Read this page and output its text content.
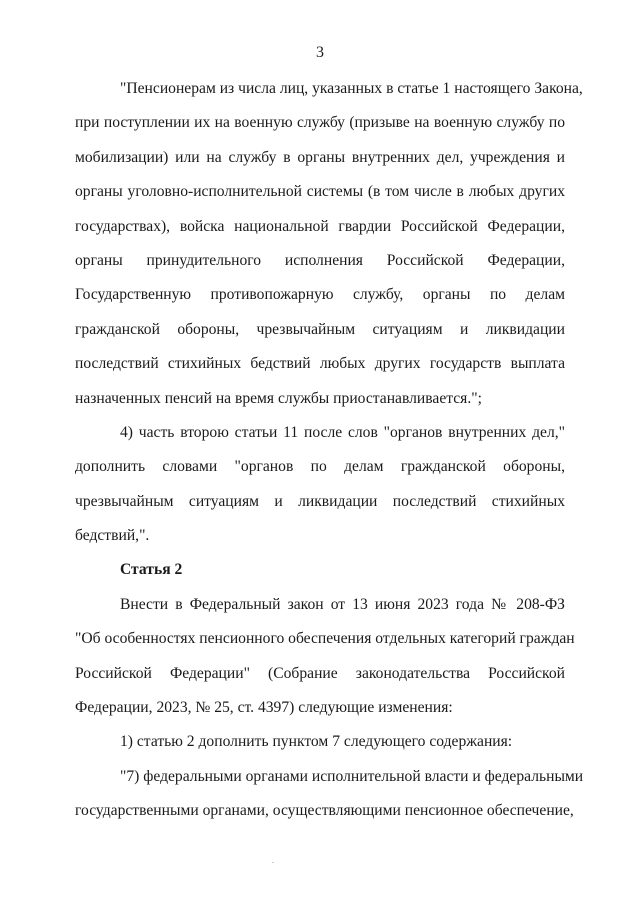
3
"Пенсионерам из числа лиц, указанных в статье 1 настоящего Закона,
при поступлении их на военную службу (призыве на военную службу по
мобилизации) или на службу в органы внутренних дел, учреждения и
органы уголовно-исполнительной системы (в том числе в любых других
государствах), войска национальной гвардии Российской Федерации,
органы принудительного исполнения Российской Федерации,
Государственную противопожарную службу, органы по делам
гражданской обороны, чрезвычайным ситуациям и ликвидации
последствий стихийных бедствий любых других государств выплата
назначенных пенсий на время службы приостанавливается.";
4) часть второю статьи 11 после слов "органов внутренних дел,"
дополнить словами "органов по делам гражданской обороны,
чрезвычайным ситуациям и ликвидации последствий стихийных
бедствий,".
Статья 2
Внести в Федеральный закон от 13 июня 2023 года № 208-ФЗ
"Об особенностях пенсионного обеспечения отдельных категорий граждан
Российской Федерации" (Собрание законодательства Российской
Федерации, 2023, № 25, ст. 4397) следующие изменения:
1) статью 2 дополнить пунктом 7 следующего содержания:
"7) федеральными органами исполнительной власти и федеральными
государственными органами, осуществляющими пенсионное обеспечение,
